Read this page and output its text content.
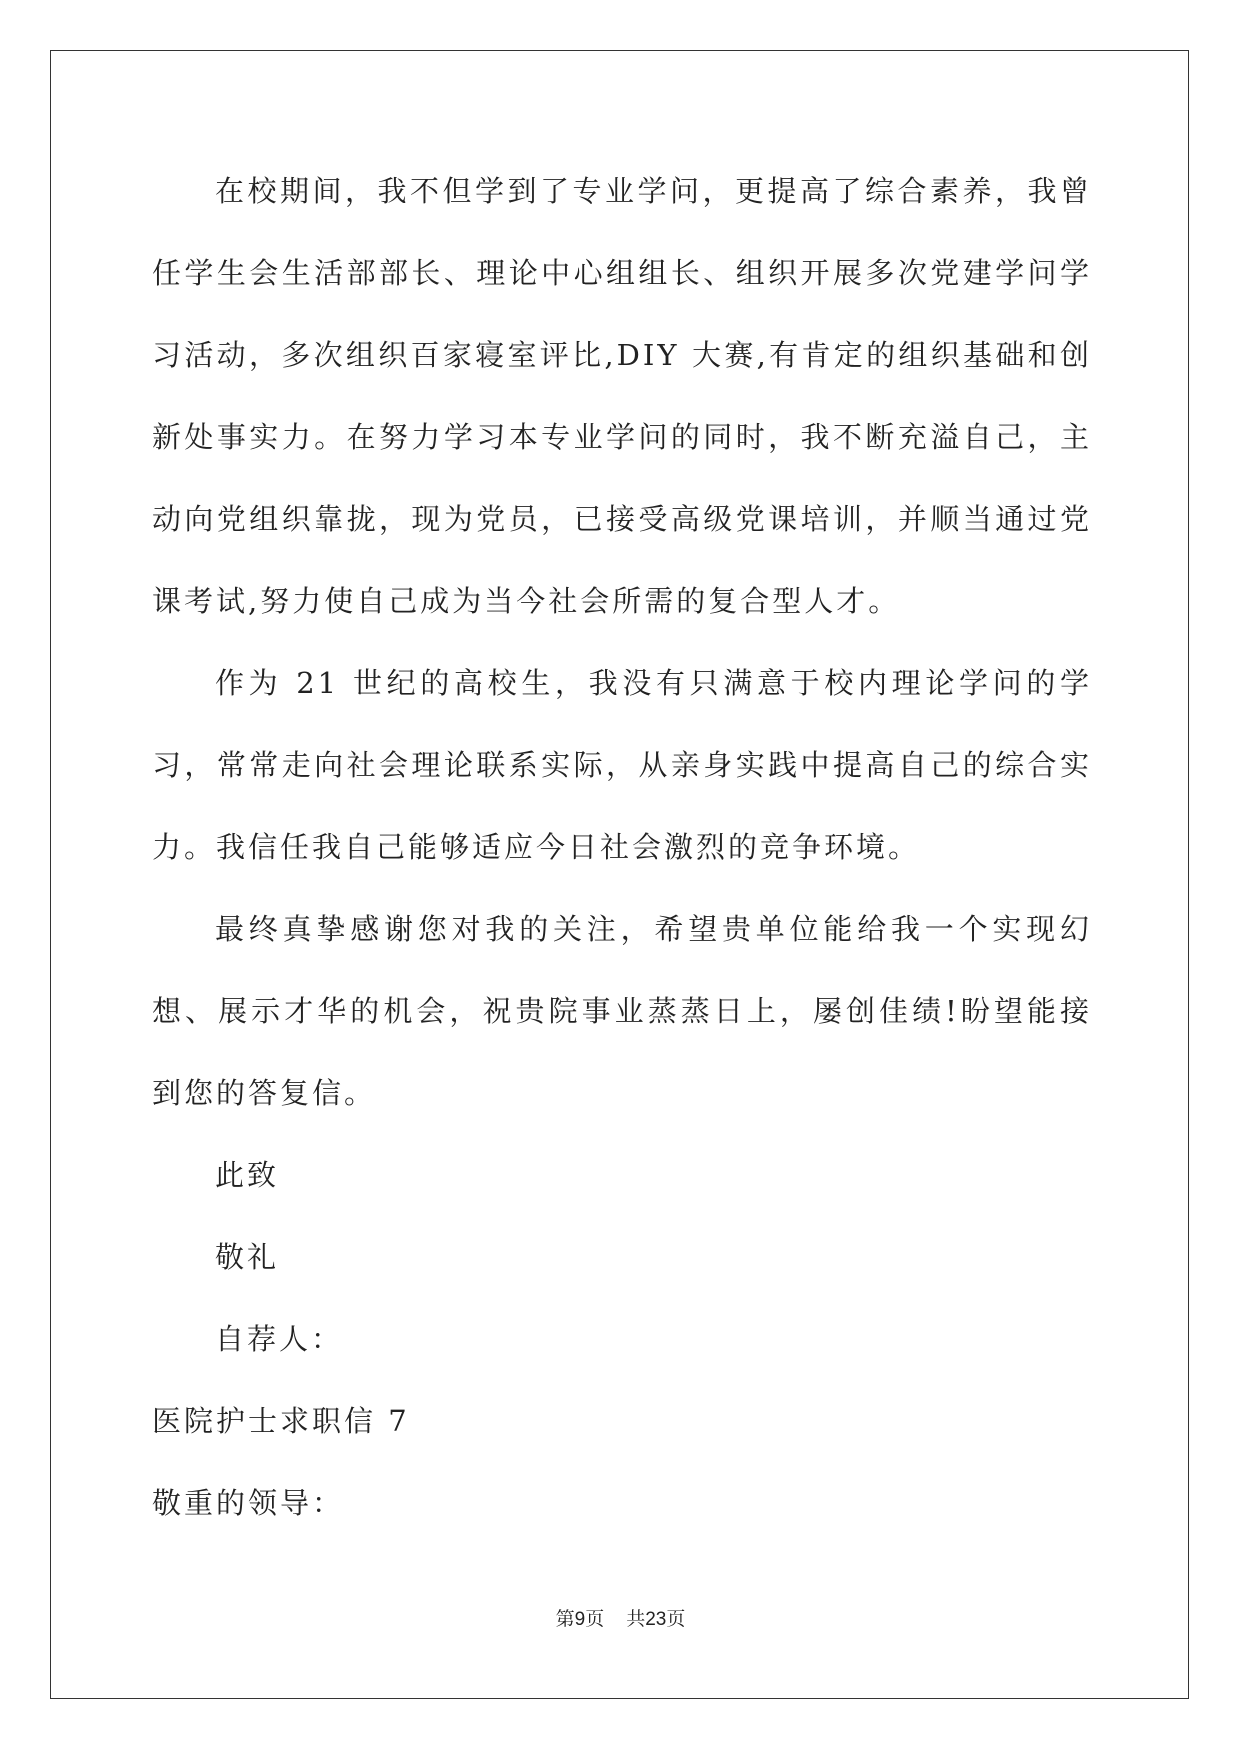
在校期间，我不但学到了专业学问，更提高了综合素养，我曾任学生会生活部部长、理论中心组组长、组织开展多次党建学问学习活动，多次组织百家寝室评比,DIY 大赛,有肯定的组织基础和创新处事实力。在努力学习本专业学问的同时，我不断充溢自己，主动向党组织靠拢，现为党员，已接受高级党课培训，并顺当通过党课考试,努力使自己成为当今社会所需的复合型人才。

作为 21 世纪的高校生，我没有只满意于校内理论学问的学习，常常走向社会理论联系实际，从亲身实践中提高自己的综合实力。我信任我自己能够适应今日社会激烈的竞争环境。

最终真挚感谢您对我的关注，希望贵单位能给我一个实现幻想、展示才华的机会，祝贵院事业蒸蒸日上，屡创佳绩!盼望能接到您的答复信。

此致

敬礼

自荐人：

医院护士求职信 7

敬重的领导：

第9页 共23页
